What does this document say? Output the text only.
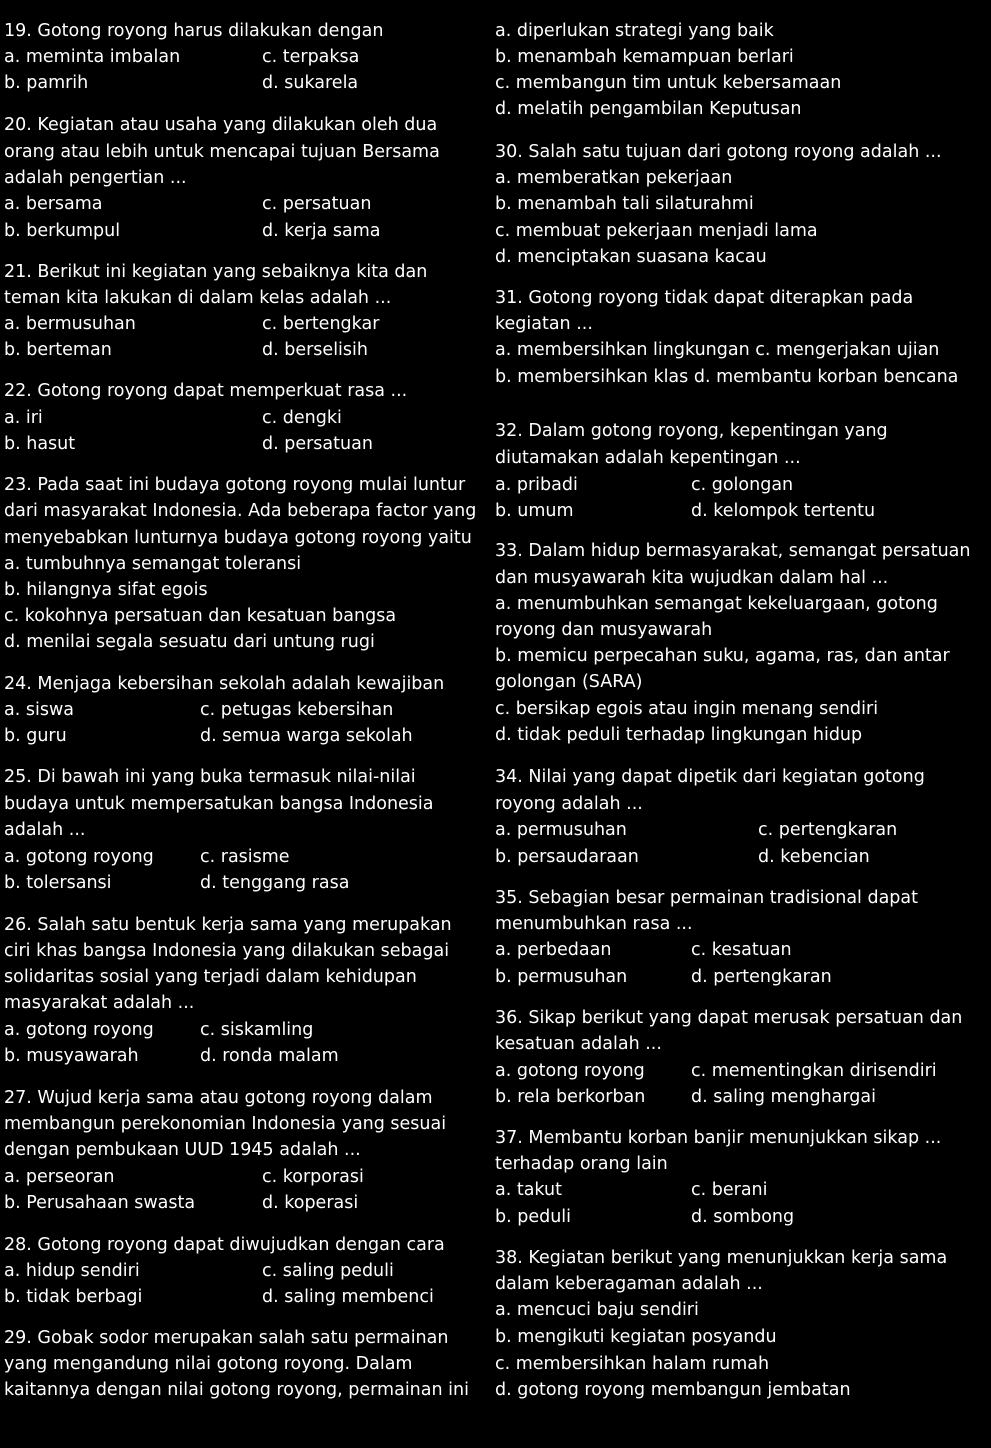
19. Gotong royong harus dilakukan dengan
a. meminta imbalan	c. terpaksa
b. pamrih	d. sukarela
20. Kegiatan atau usaha yang dilakukan oleh dua
orang atau lebih untuk mencapai tujuan Bersama
adalah pengertian ...
a. bersama	c. persatuan
b. berkumpul	d. kerja sama
21. Berikut ini kegiatan yang sebaiknya kita dan
teman kita lakukan di dalam kelas adalah ...
a. bermusuhan	c. bertengkar
b. berteman	d. berselisih
22. Gotong royong dapat memperkuat rasa ...
a. iri	c. dengki
b. hasut	d. persatuan
23. Pada saat ini budaya gotong royong mulai luntur
dari masyarakat Indonesia. Ada beberapa factor yang
menyebabkan lunturnya budaya gotong royong yaitu
a. tumbuhnya semangat toleransi
b. hilangnya sifat egois
c. kokohnya persatuan dan kesatuan bangsa
d. menilai segala sesuatu dari untung rugi
24. Menjaga kebersihan sekolah adalah kewajiban
a. siswa	c. petugas kebersihan
b. guru	d. semua warga sekolah
25. Di bawah ini yang buka termasuk nilai-nilai
budaya untuk mempersatukan bangsa Indonesia
adalah ...
a. gotong royong	c. rasisme
b. tolersansi	d. tenggang rasa
26. Salah satu bentuk kerja sama yang merupakan
ciri khas bangsa Indonesia yang dilakukan sebagai
solidaritas sosial yang terjadi dalam kehidupan
masyarakat adalah ...
a. gotong royong	c. siskamling
b. musyawarah	d. ronda malam
27. Wujud kerja sama atau gotong royong dalam
membangun perekonomian Indonesia yang sesuai
dengan pembukaan UUD 1945 adalah ...
a. perseoran	c. korporasi
b. Perusahaan swasta	d. koperasi
28. Gotong royong dapat diwujudkan dengan cara
a. hidup sendiri	c. saling peduli
b. tidak berbagi	d. saling membenci
29. Gobak sodor merupakan salah satu permainan
yang mengandung nilai gotong royong. Dalam
kaitannya dengan nilai gotong royong, permainan ini
a. diperlukan strategi yang baik
b. menambah kemampuan berlari
c. membangun tim untuk kebersamaan
d. melatih pengambilan Keputusan
30. Salah satu tujuan dari gotong royong adalah ...
a. memberatkan pekerjaan
b. menambah tali silaturahmi
c. membuat pekerjaan menjadi lama
d. menciptakan suasana kacau
31. Gotong royong tidak dapat diterapkan pada
kegiatan ...
a. membersihkan lingkungan c. mengerjakan ujian
b. membersihkan klas d. membantu korban bencana
32. Dalam gotong royong, kepentingan yang
diutamakan adalah kepentingan ...
a. pribadi	c. golongan
b. umum	d. kelompok tertentu
33. Dalam hidup bermasyarakat, semangat persatuan
dan musyawarah kita wujudkan dalam hal ...
a. menumbuhkan semangat kekeluargaan, gotong
royong dan musyawarah
b. memicu perpecahan suku, agama, ras, dan antar
golongan (SARA)
c. bersikap egois atau ingin menang sendiri
d. tidak peduli terhadap lingkungan hidup
34. Nilai yang dapat dipetik dari kegiatan gotong
royong adalah ...
a. permusuhan	c. pertengkaran
b. persaudaraan	d. kebencian
35. Sebagian besar permainan tradisional dapat
menumbuhkan rasa ...
a. perbedaan	c. kesatuan
b. permusuhan	d. pertengkaran
36. Sikap berikut yang dapat merusak persatuan dan
kesatuan adalah ...
a. gotong royong	c. mementingkan dirisendiri
b. rela berkorban	d. saling menghargai
37. Membantu korban banjir menunjukkan sikap ...
terhadap orang lain
a. takut	c. berani
b. peduli	d. sombong
38. Kegiatan berikut yang menunjukkan kerja sama
dalam keberagaman adalah ...
a. mencuci baju sendiri
b. mengikuti kegiatan posyandu
c. membersihkan halam rumah
d. gotong royong membangun jembatan
